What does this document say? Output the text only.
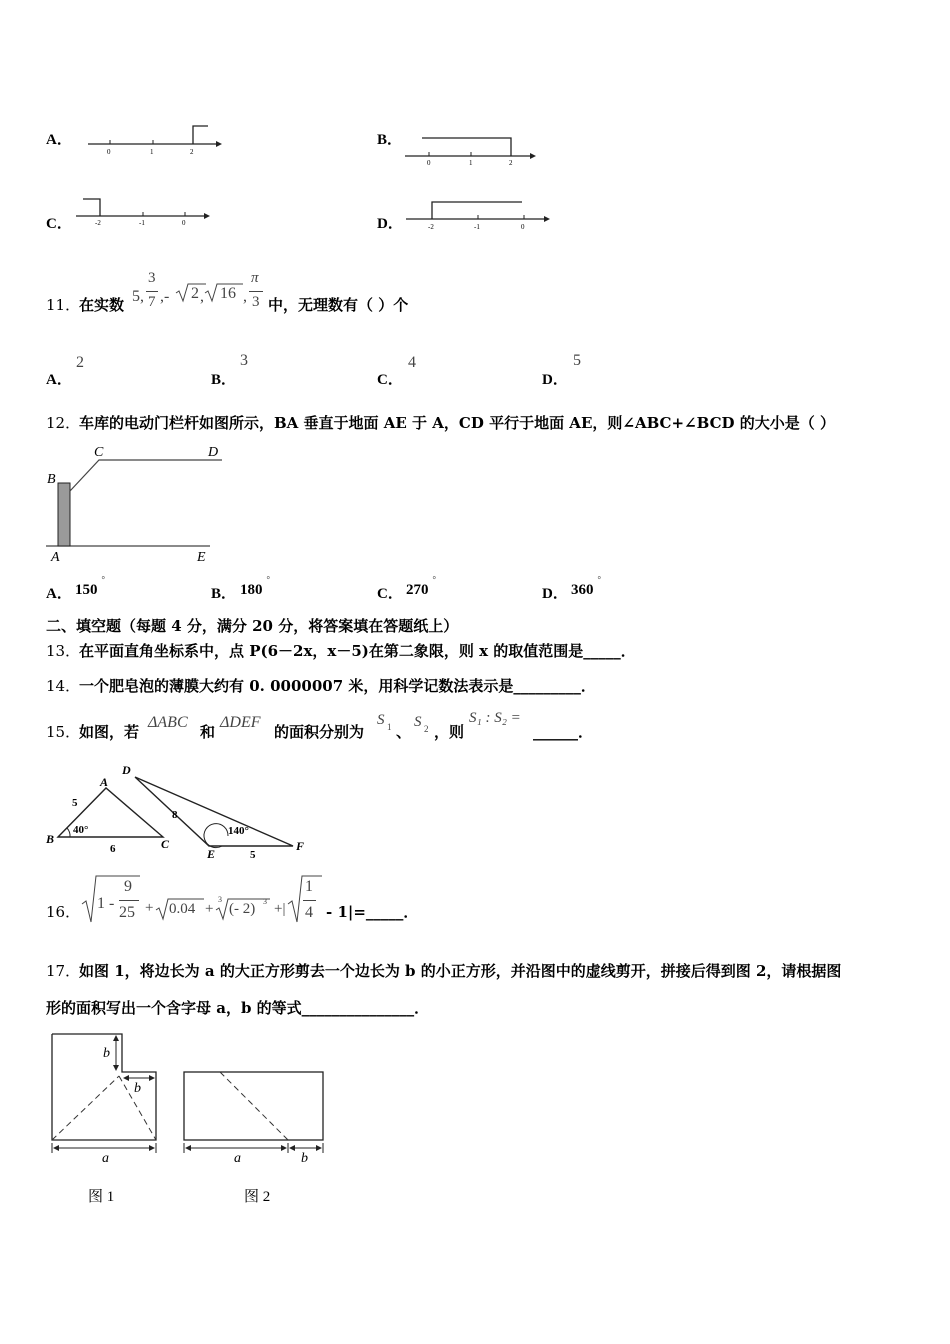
A．
0	1	2
0	1	2
-2	-1	0	-2	-1	0
B．
C．	D．
11．
在实数 5,
3
7 ,- 2 , 16 ,
π
3 中，无理数有（ ）个
A．
2
B．
3
C．
4
D．
5
12．
车库的电动门栏杆如图所示，BA 垂直于地面 AE 于 A，CD 平行于地面 AE，则∠ABC+∠BCD 的大小是（ ）
B
C	D
A	E
A． 150
°
B． 180
°
C． 270
°
D． 360
°
二、填空题（每题 4 分，满分 20 分，将答案填在答题纸上）
13．
在平面直角坐标系中，点 P(6－2x，x－5)在第二象限，则 x 的取值范围是_____．
14．
一个肥皂泡的薄膜大约有 0. 0000007 米，用科学记数法表示是_________．
15．
如图，若
ΔABC
和
ΔDEF
的面积分别为
S 1 、
S 2 ，则
S₁ : S₂ =
______．
A
B	C
D
E
F
5
6
8
5
40°	140°
16． 1 -
9
25 + 0.04 +
3
(- 2) 3 +|
1
4 - 1|=_____．
17．
如图 1，将边长为 a 的大正方形剪去一个边长为 b 的小正方形，并沿图中的虚线剪开，拼接后得到图 2，请根据图
形的面积写出一个含字母 a，b 的等式_______________．
b
b
a	a	b
图 1	图 2
